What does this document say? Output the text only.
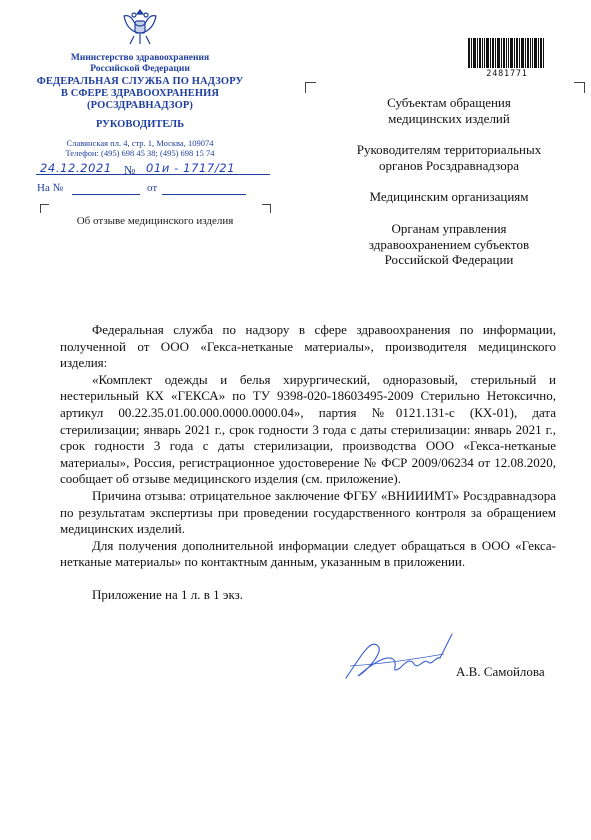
Министерство здравоохранения
Российской Федерации
ФЕДЕРАЛЬНАЯ СЛУЖБА ПО НАДЗОРУ
В СФЕРЕ ЗДРАВООХРАНЕНИЯ
(РОСЗДРАВНАДЗОР)
РУКОВОДИТЕЛЬ
Славянская пл. 4, стр. 1, Москва, 109074
Телефон: (495) 698 45 38; (495) 698 15 74
24.12.2021 № 01и - 1717/21
На №	от
Об отзыве медицинского изделия
2481771
Субъектам обращения
медицинских изделий
Руководителям территориальных
органов Росздравнадзора
Медицинским организациям
Органам управления
здравоохранением субъектов
Российской Федерации

Федеральная служба по надзору в сфере здравоохранения по информации, полученной от ООО «Гекса-нетканые материалы», производителя медицинского изделия:

«Комплект одежды и белья хирургический, одноразовый, стерильный и нестерильный КХ «ГЕКСА» по ТУ 9398-020-18603495-2009 Стерильно Нетоксично, артикул 00.22.35.01.00.000.0000.0000.04», партия №0121.131-с (КХ-01), дата стерилизации; январь 2021 г., срок годности 3 года с даты стерилизации: январь 2021 г., срок годности 3 года с даты стерилизации, производства ООО «Гекса-нетканые материалы», Россия, регистрационное удостоверение № ФСР 2009/06234 от 12.08.2020, сообщает об отзыве медицинского изделия (см. приложение).

Причина отзыва: отрицательное заключение ФГБУ «ВНИИИМТ» Росздравнадзора по результатам экспертизы при проведении государственного контроля за обращением медицинских изделий.

Для получения дополнительной информации следует обращаться в ООО «Гекса-нетканые материалы» по контактным данным, указанным в приложении.

Приложение на 1 л. в 1 экз.

А.В. Самойлова
